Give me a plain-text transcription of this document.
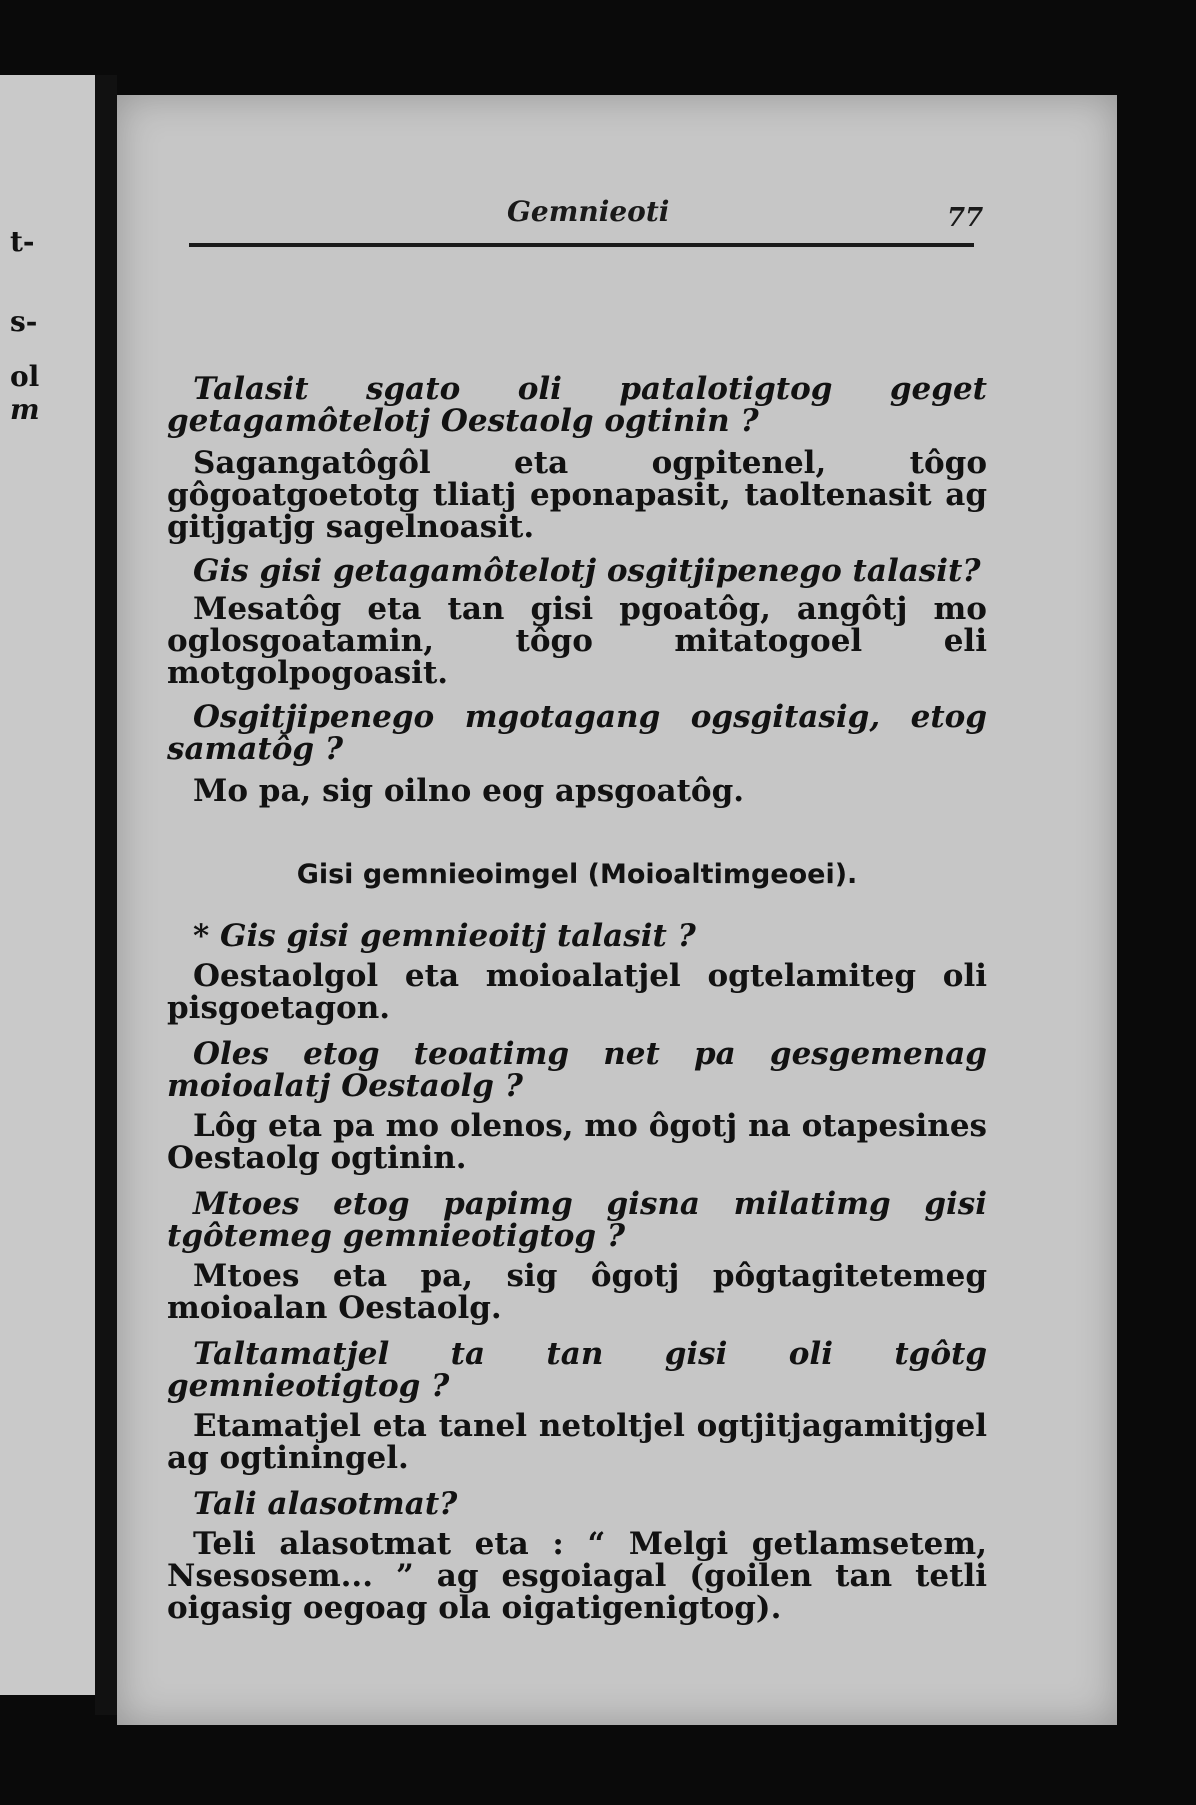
t-
s-
ol
m
Gemnieoti	77

Talasit sgato oli patalotigtog geget getagamôtelotj Oestaolg ogtinin ?

Sagangatôgôl eta ogpitenel, tôgo gôgoatgoetotg tliatj eponapasit, taoltenasit ag gitjgatjg sagelnoasit.

Gis gisi getagamôtelotj osgitjipenego talasit?

Mesatôg eta tan gisi pgoatôg, angôtj mo oglosgoatamin, tôgo mitatogoel eli motgolpogoasit.

Osgitjipenego mgotagang ogsgitasig, etog samatôg ?

Mo pa, sig oilno eog apsgoatôg.

Gisi gemnieoimgel (Moioaltimgeoei).

* Gis gisi gemnieoitj talasit ?

Oestaolgol eta moioalatjel ogtelamiteg oli pisgoetagon.

Oles etog teoatimg net pa gesgemenag moioalatj Oestaolg ?

Lôg eta pa mo olenos, mo ôgotj na otapesines Oestaolg ogtinin.

Mtoes etog papimg gisna milatimg gisi tgôtemeg gemnieotigtog ?

Mtoes eta pa, sig ôgotj pôgtagitetemeg moioalan Oestaolg.

Taltamatjel ta tan gisi oli tgôtg gemnieotigtog ?

Etamatjel eta tanel netoltjel ogtjitjagamitjgel ag ogtiningel.

Tali alasotmat?

Teli alasotmat eta : “ Melgi getlamsetem, Nsesosem... ” ag esgoiagal (goilen tan tetli oigasig oegoag ola oigatigenigtog).
